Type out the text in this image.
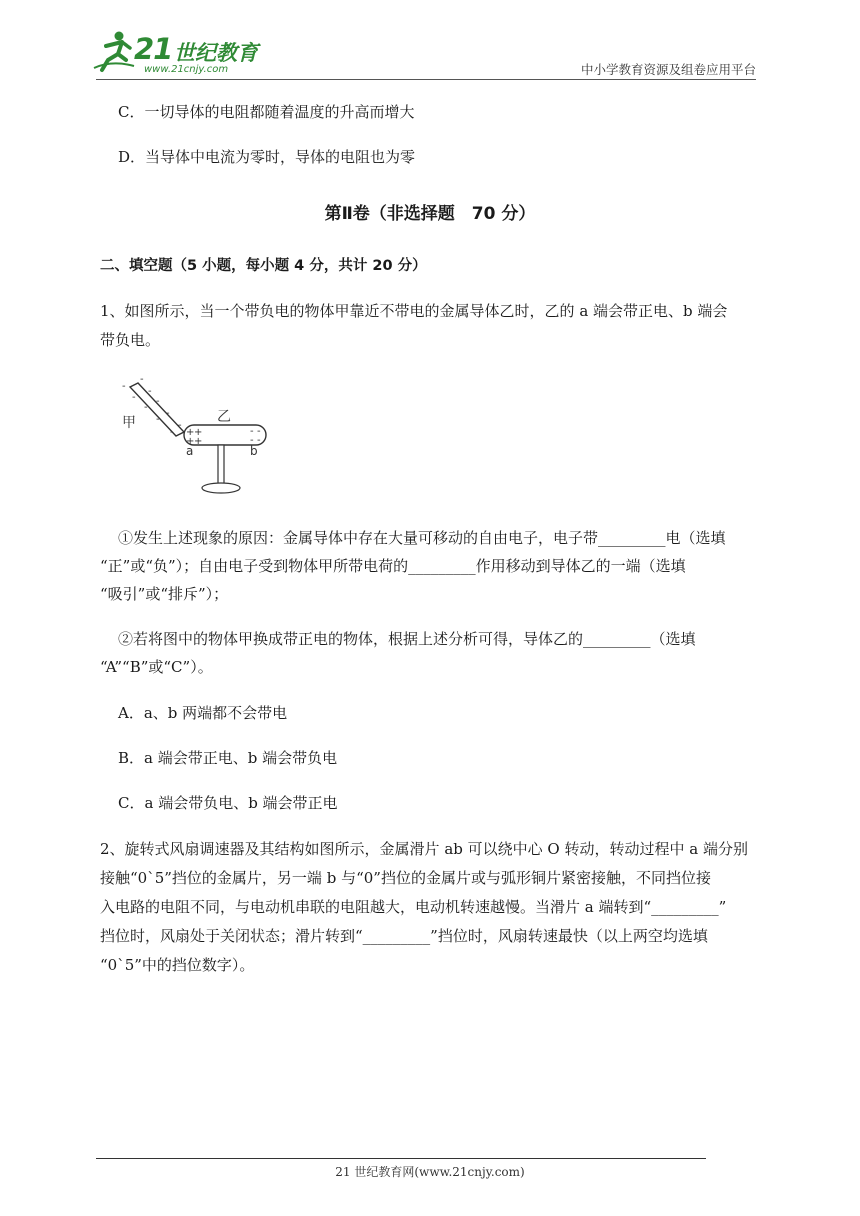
21 世纪教育
www.21cnjy.com	中小学教育资源及组卷应用平台
C．一切导体的电阻都随着温度的升高而增大
D．当导体中电流为零时，导体的电阻也为零
第Ⅱ卷（非选择题　70 分）
二、填空题（5 小题，每小题 4 分，共计 20 分）
1、如图所示，当一个带负电的物体甲靠近不带电的金属导体乙时，乙的 a 端会带正电、b 端会
带负电。
-
-
-
-
-
-
-
-
-
-
甲	乙
+ +
+ +
- -
- -
a	b
①发生上述现象的原因：金属导体中存在大量可移动的自由电子，电子带_________电（选填
“正”或“负”）；自由电子受到物体甲所带电荷的_________作用移动到导体乙的一端（选填
“吸引”或“排斥”）；
②若将图中的物体甲换成带正电的物体，根据上述分析可得，导体乙的_________（选填
“A”“B”或“C”）。
A．a、b 两端都不会带电
B．a 端会带正电、b 端会带负电
C．a 端会带负电、b 端会带正电
2、旋转式风扇调速器及其结构如图所示，金属滑片 ab 可以绕中心 O 转动，转动过程中 a 端分别
接触“0`5”挡位的金属片，另一端 b 与“0”挡位的金属片或与弧形铜片紧密接触，不同挡位接
入电路的电阻不同，与电动机串联的电阻越大，电动机转速越慢。当滑片 a 端转到“_________”
挡位时，风扇处于关闭状态；滑片转到“_________”挡位时，风扇转速最快（以上两空均选填
“0`5”中的挡位数字）。
21 世纪教育网(www.21cnjy.com)
